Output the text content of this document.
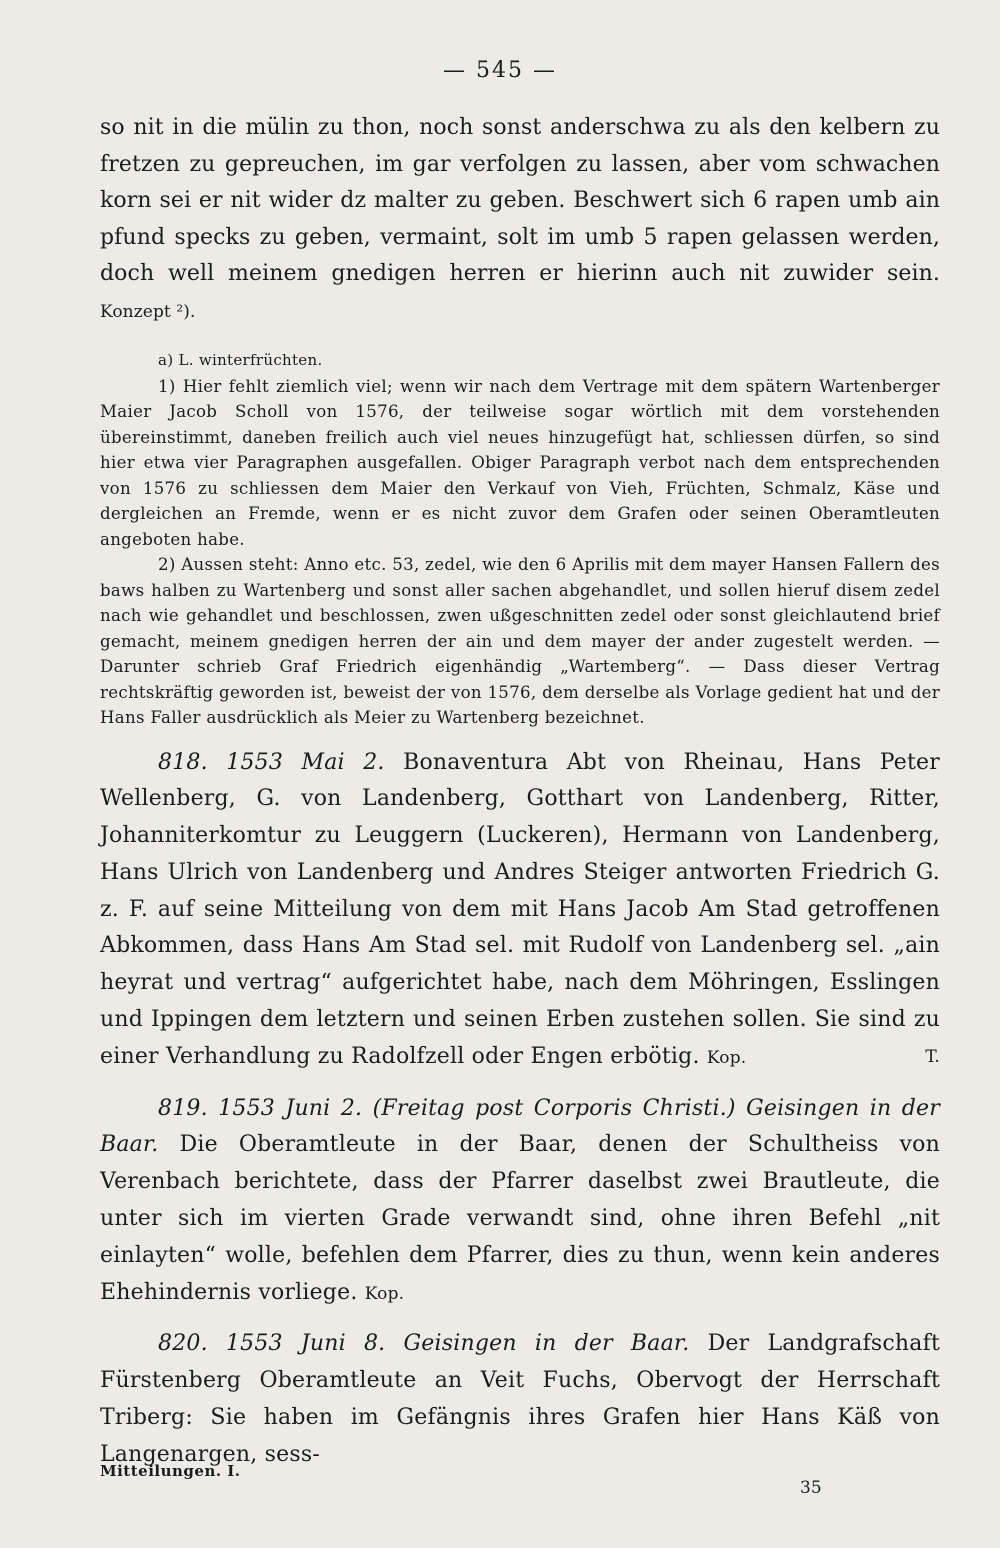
— 545 —

so nit in die mülin zu thon, noch sonst anderschwa zu als den kelbern zu fretzen zu gepreuchen, im gar verfolgen zu lassen, aber vom schwachen korn sei er nit wider dz malter zu geben. Beschwert sich 6 rapen umb ain pfund specks zu geben, vermaint, solt im umb 5 rapen gelassen werden, doch well meinem gnedigen herren er hierinn auch nit zuwider sein. Konzept ²).

a) L. winterfrüchten.

1) Hier fehlt ziemlich viel; wenn wir nach dem Vertrage mit dem spätern Wartenberger Maier Jacob Scholl von 1576, der teilweise sogar wörtlich mit dem vorstehenden übereinstimmt, daneben freilich auch viel neues hinzugefügt hat, schliessen dürfen, so sind hier etwa vier Paragraphen ausgefallen. Obiger Paragraph verbot nach dem entsprechenden von 1576 zu schliessen dem Maier den Verkauf von Vieh, Früchten, Schmalz, Käse und dergleichen an Fremde, wenn er es nicht zuvor dem Grafen oder seinen Oberamtleuten angeboten habe.

2) Aussen steht: Anno etc. 53, zedel, wie den 6 Aprilis mit dem mayer Hansen Fallern des baws halben zu Wartenberg und sonst aller sachen abgehandlet, und sollen hieruf disem zedel nach wie gehandlet und beschlossen, zwen ußgeschnitten zedel oder sonst gleichlautend brief gemacht, meinem gnedigen herren der ain und dem mayer der ander zugestelt werden. — Darunter schrieb Graf Friedrich eigenhändig „Wartemberg“. — Dass dieser Vertrag rechtskräftig geworden ist, beweist der von 1576, dem derselbe als Vorlage gedient hat und der Hans Faller ausdrücklich als Meier zu Wartenberg bezeichnet.

818. 1553 Mai 2. Bonaventura Abt von Rheinau, Hans Peter Wellenberg, G. von Landenberg, Gotthart von Landenberg, Ritter, Johanniterkomtur zu Leuggern (Luckeren), Hermann von Landenberg, Hans Ulrich von Landenberg und Andres Steiger antworten Friedrich G. z. F. auf seine Mitteilung von dem mit Hans Jacob Am Stad getroffenen Abkommen, dass Hans Am Stad sel. mit Rudolf von Landenberg sel. „ain heyrat und vertrag“ aufgerichtet habe, nach dem Möhringen, Esslingen und Ippingen dem letztern und seinen Erben zustehen sollen. Sie sind zu einer Verhandlung zu Radolfzell oder Engen erbötig. Kop.	T.

819. 1553 Juni 2. (Freitag post Corporis Christi.) Geisingen in der Baar. Die Oberamtleute in der Baar, denen der Schultheiss von Verenbach berichtete, dass der Pfarrer daselbst zwei Brautleute, die unter sich im vierten Grade verwandt sind, ohne ihren Befehl „nit einlayten“ wolle, befehlen dem Pfarrer, dies zu thun, wenn kein anderes Ehehindernis vorliege. Kop.

820. 1553 Juni 8. Geisingen in der Baar. Der Landgrafschaft Fürstenberg Oberamtleute an Veit Fuchs, Obervogt der Herrschaft Triberg: Sie haben im Gefängnis ihres Grafen hier Hans Käß von Langenargen, sess-

Mitteilungen. I.
35
